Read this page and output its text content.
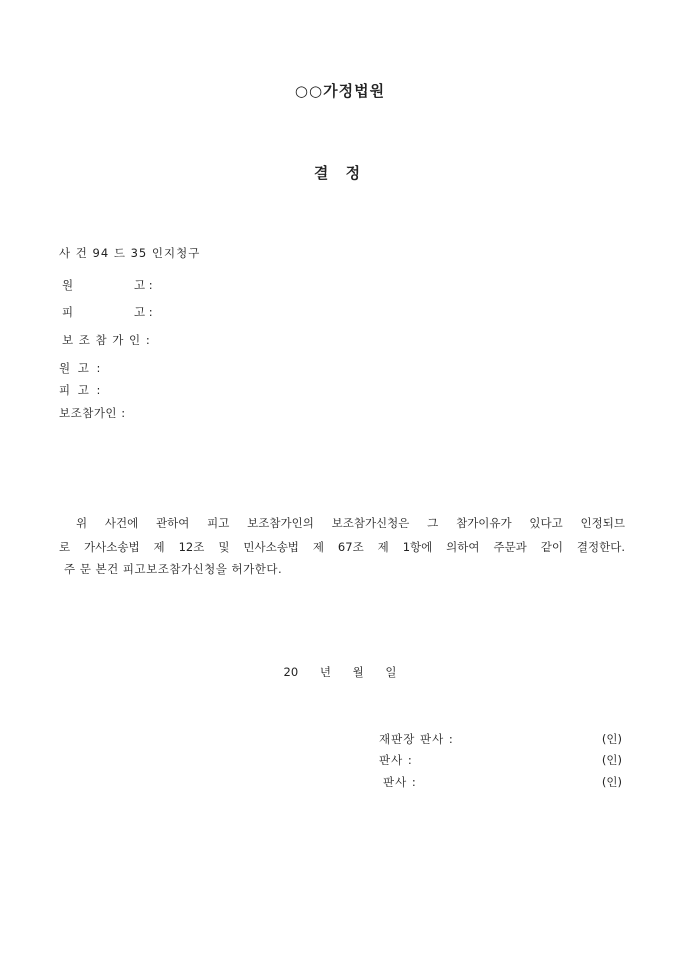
○○가정법원
결 정
사 건 94 드 35 인지청구
원	고 :
피	고 :
보 조 참 가 인 :
원 고 :
피 고 :
보조참가인 :
위 사건에 관하여 피고 보조참가인의 보조참가신청은 그 참가이유가 있다고 인정되므
로 가사소송법 제 12조 및 민사소송법 제 67조 제 1항에 의하여 주문과 같이 결정한다.
주 문 본건 피고보조참가신청을 허가한다.
20 년 월 일
재판장 판사 :	(인)
판사 :	(인)
판사 :	(인)
